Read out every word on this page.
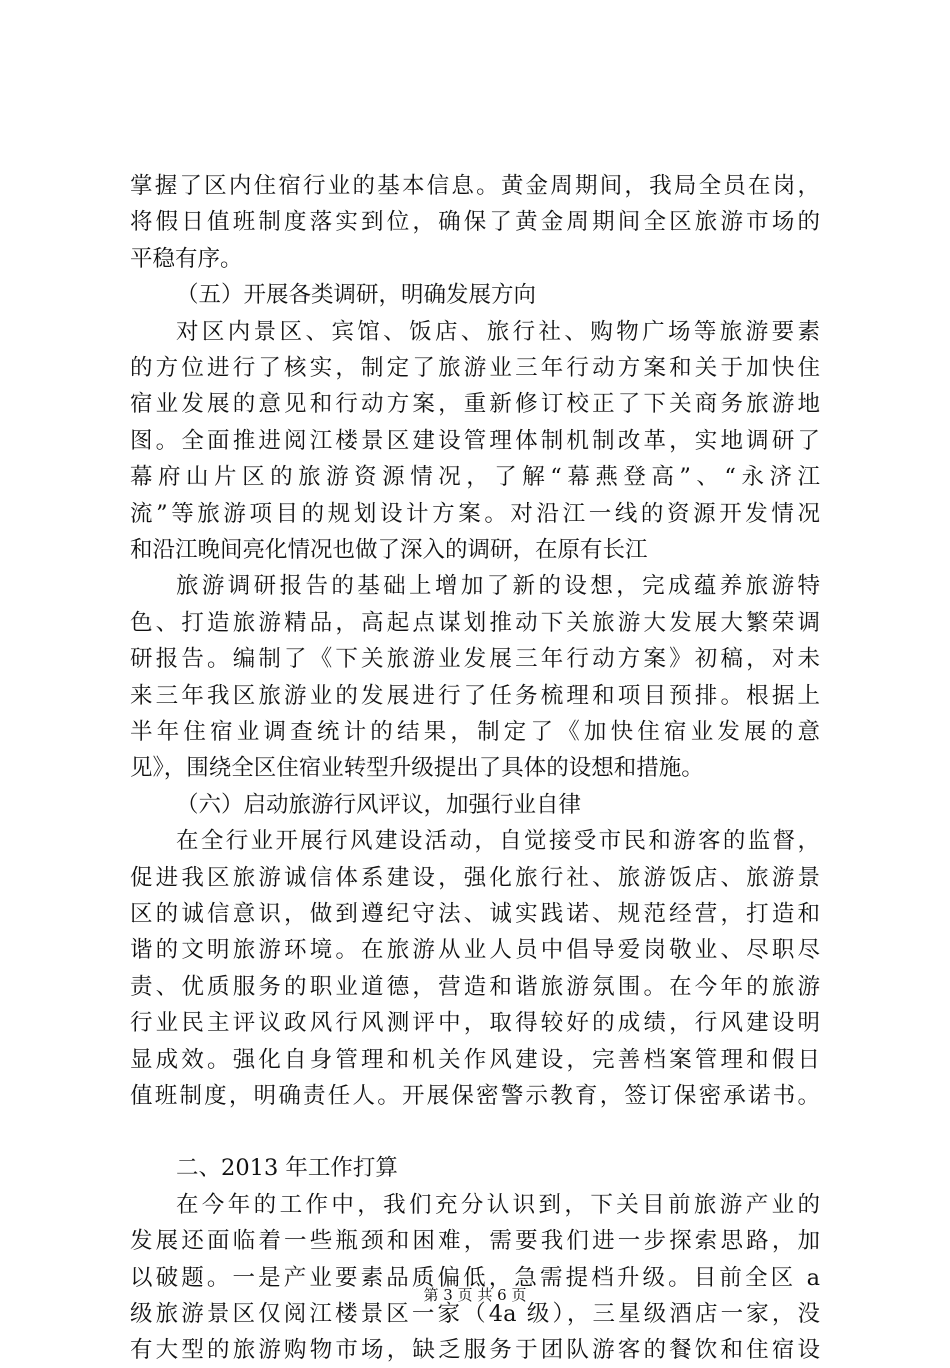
掌握了区内住宿行业的基本信息。黄金周期间，我局全员在岗，
将假日值班制度落实到位，确保了黄金周期间全区旅游市场的
平稳有序。
（五）开展各类调研，明确发展方向
对区内景区、宾馆、饭店、旅行社、购物广场等旅游要素
的方位进行了核实，制定了旅游业三年行动方案和关于加快住
宿业发展的意见和行动方案，重新修订校正了下关商务旅游地
图。全面推进阅江楼景区建设管理体制机制改革，实地调研了
幕府山片区的旅游资源情况，了解“幕燕登高”、“永济江
流”等旅游项目的规划设计方案。对沿江一线的资源开发情况
和沿江晚间亮化情况也做了深入的调研，在原有长江
旅游调研报告的基础上增加了新的设想，完成蕴养旅游特
色、打造旅游精品，高起点谋划推动下关旅游大发展大繁荣调
研报告。编制了《下关旅游业发展三年行动方案》初稿，对未
来三年我区旅游业的发展进行了任务梳理和项目预排。根据上
半年住宿业调查统计的结果，制定了《加快住宿业发展的意
见》，围绕全区住宿业转型升级提出了具体的设想和措施。
（六）启动旅游行风评议，加强行业自律
在全行业开展行风建设活动，自觉接受市民和游客的监督，
促进我区旅游诚信体系建设，强化旅行社、旅游饭店、旅游景
区的诚信意识，做到遵纪守法、诚实践诺、规范经营，打造和
谐的文明旅游环境。在旅游从业人员中倡导爱岗敬业、尽职尽
责、优质服务的职业道德，营造和谐旅游氛围。在今年的旅游
行业民主评议政风行风测评中，取得较好的成绩，行风建设明
显成效。强化自身管理和机关作风建设，完善档案管理和假日
值班制度，明确责任人。开展保密警示教育，签订保密承诺书。
二、2013 年工作打算
在今年的工作中，我们充分认识到，下关目前旅游产业的
发展还面临着一些瓶颈和困难，需要我们进一步探索思路，加
以破题。一是产业要素品质偏低，急需提档升级。目前全区 a
级旅游景区仅阅江楼景区一家（4a 级），三星级酒店一家，没
有大型的旅游购物市场，缺乏服务于团队游客的餐饮和住宿设
第 3 页 共 6 页
